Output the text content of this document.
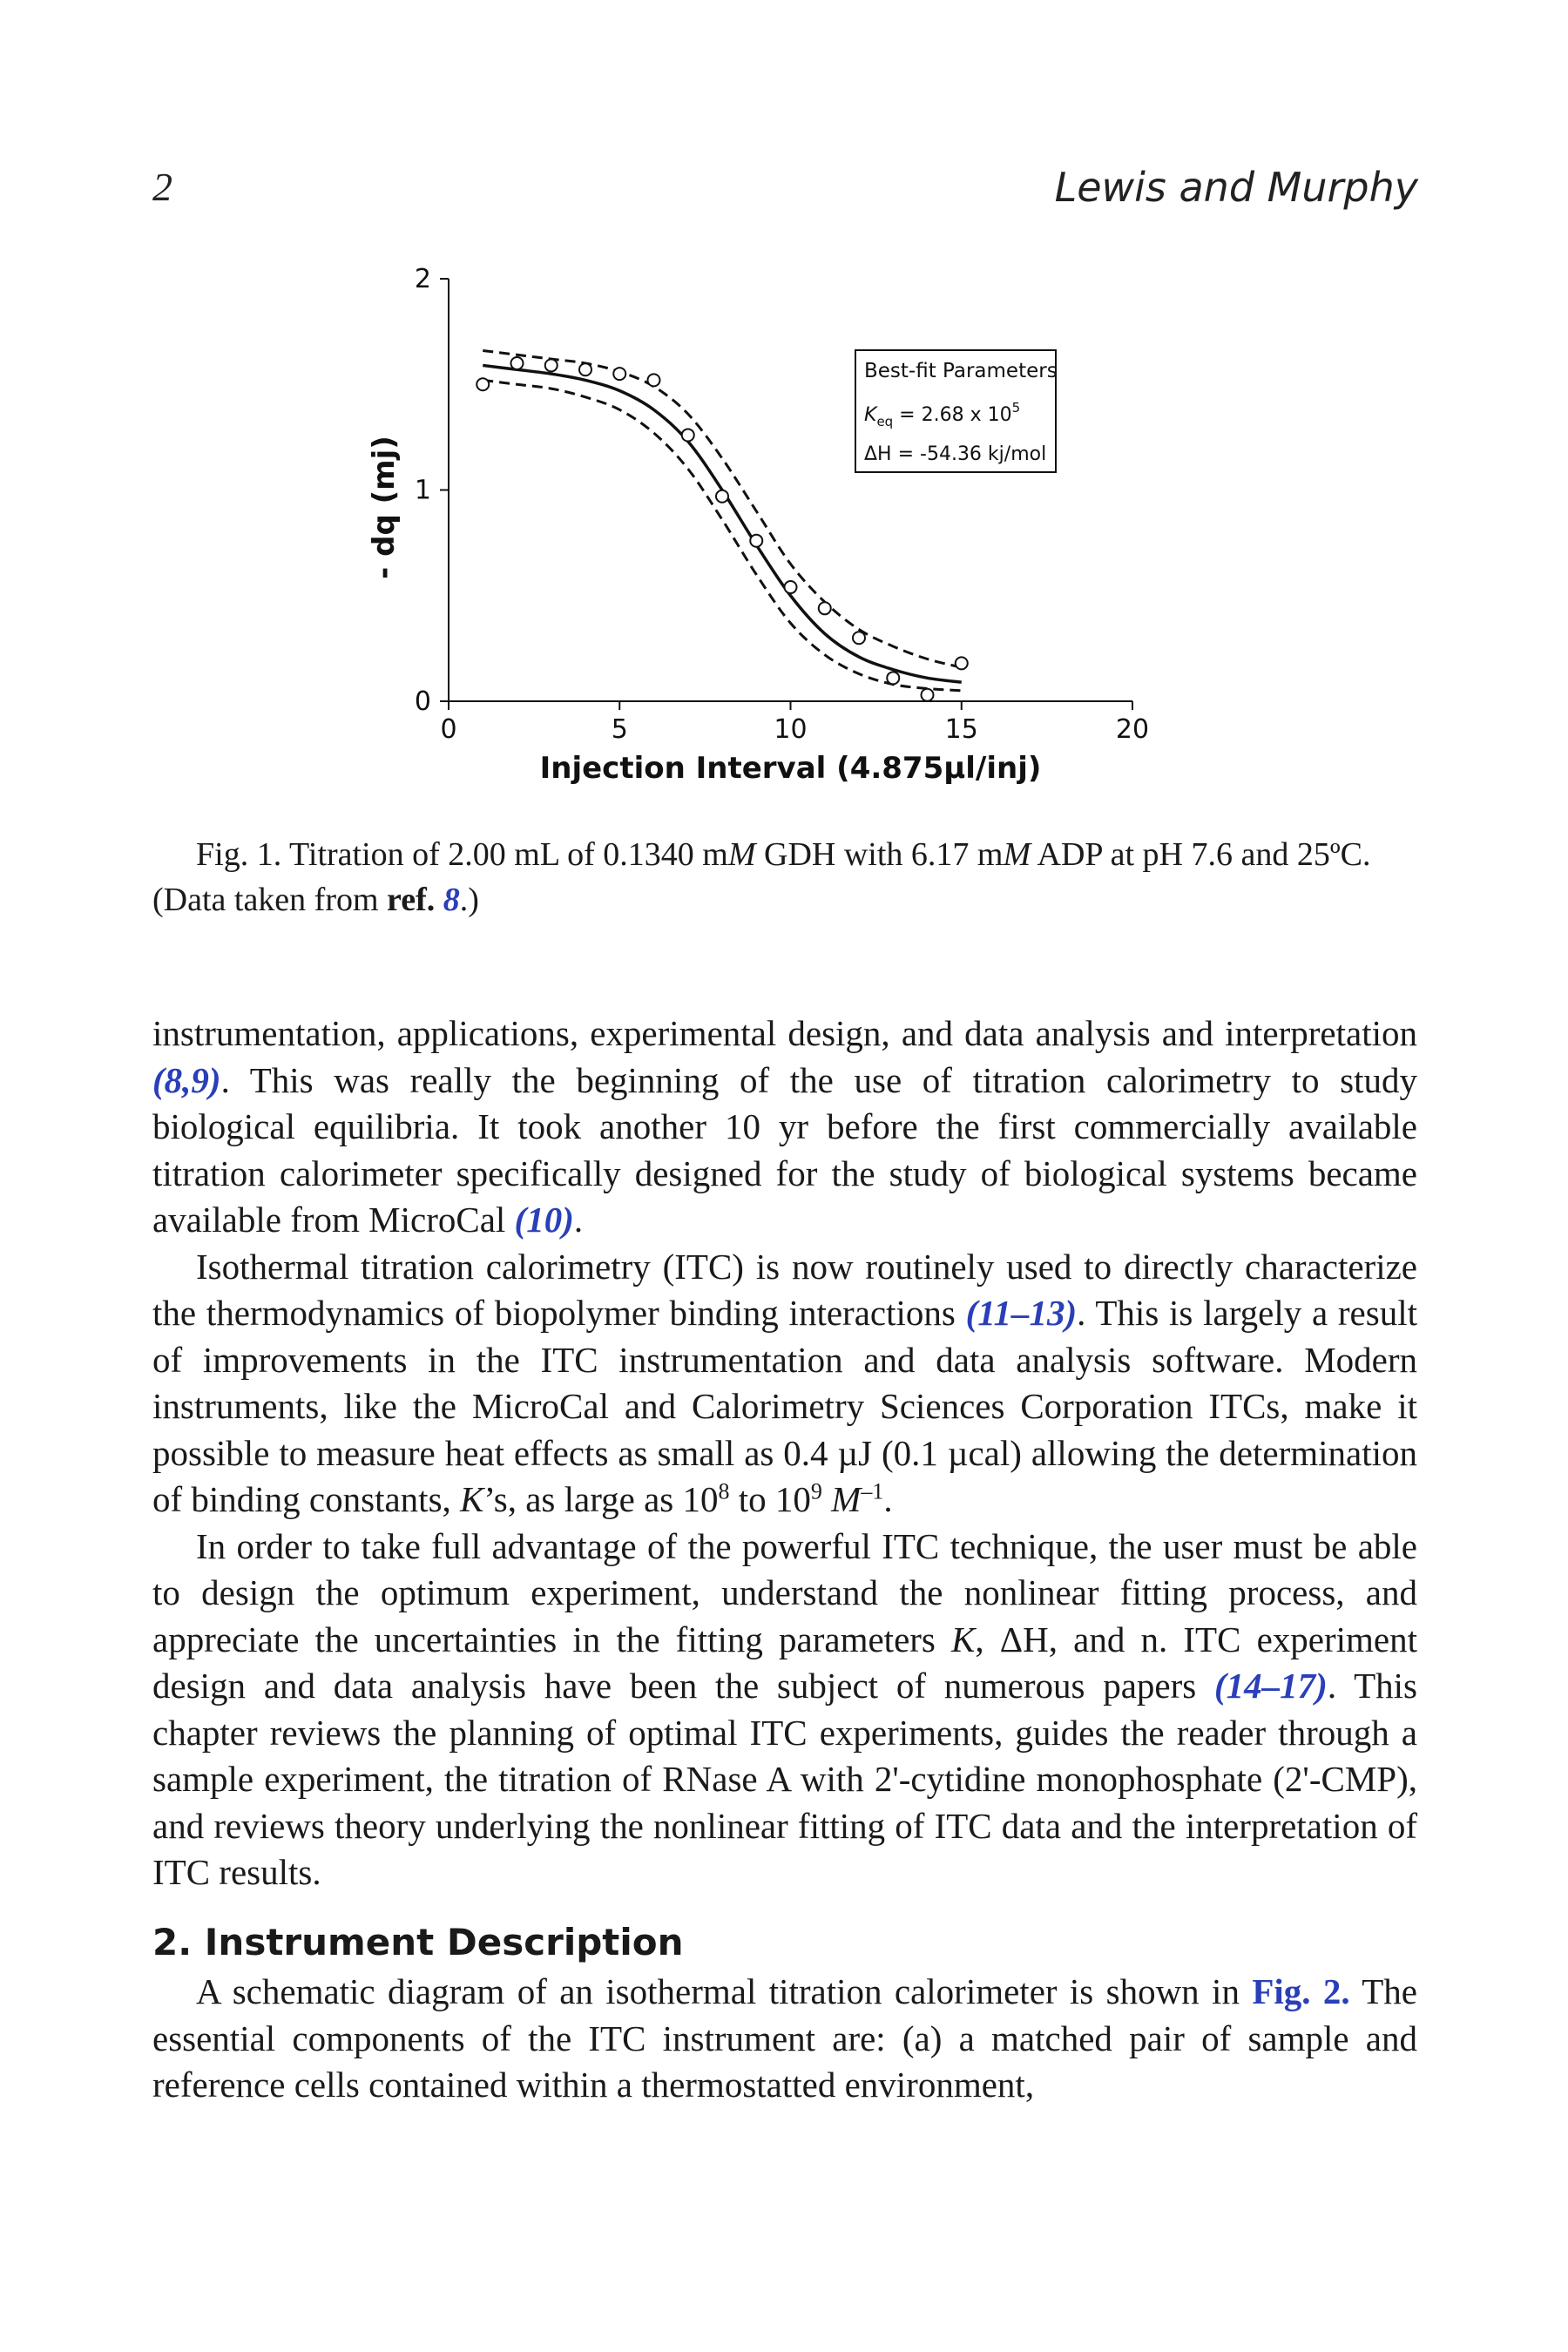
2	Lewis and Murphy
0	5	10	15	20
0
1
2
Injection Interval (4.875µl/inj)
- dq (mj)
Best-fit Parameters
$K_{eq} = 2.68$ x $10^5$
ΔH = -54.36 kj/mol
Fig. 1. Titration of 2.00 mL of 0.1340 mM GDH with 6.17 mM ADP at pH 7.6 and 25ºC. (Data taken from ref. 8.)

instrumentation, applications, experimental design, and data analysis and interpretation (8,9). This was really the beginning of the use of titration calorimetry to study biological equilibria. It took another 10 yr before the first commercially available titration calorimeter specifically designed for the study of biological systems became available from MicroCal (10).

Isothermal titration calorimetry (ITC) is now routinely used to directly characterize the thermodynamics of biopolymer binding interactions (11–13). This is largely a result of improvements in the ITC instrumentation and data analysis software. Modern instruments, like the MicroCal and Calorimetry Sciences Corporation ITCs, make it possible to measure heat effects as small as 0.4 µJ (0.1 µcal) allowing the determination of binding constants, K’s, as large as $10^8$ to $10^9$ $M^{-1}$.

In order to take full advantage of the powerful ITC technique, the user must be able to design the optimum experiment, understand the nonlinear fitting process, and appreciate the uncertainties in the fitting parameters K, ΔH, and n. ITC experiment design and data analysis have been the subject of numerous papers (14–17). This chapter reviews the planning of optimal ITC experiments, guides the reader through a sample experiment, the titration of RNase A with 2'-cytidine monophosphate (2'-CMP), and reviews theory underlying the nonlinear fitting of ITC data and the interpretation of ITC results.

2. Instrument Description

A schematic diagram of an isothermal titration calorimeter is shown in Fig. 2. The essential components of the ITC instrument are: (a) a matched pair of sample and reference cells contained within a thermostatted environment,
